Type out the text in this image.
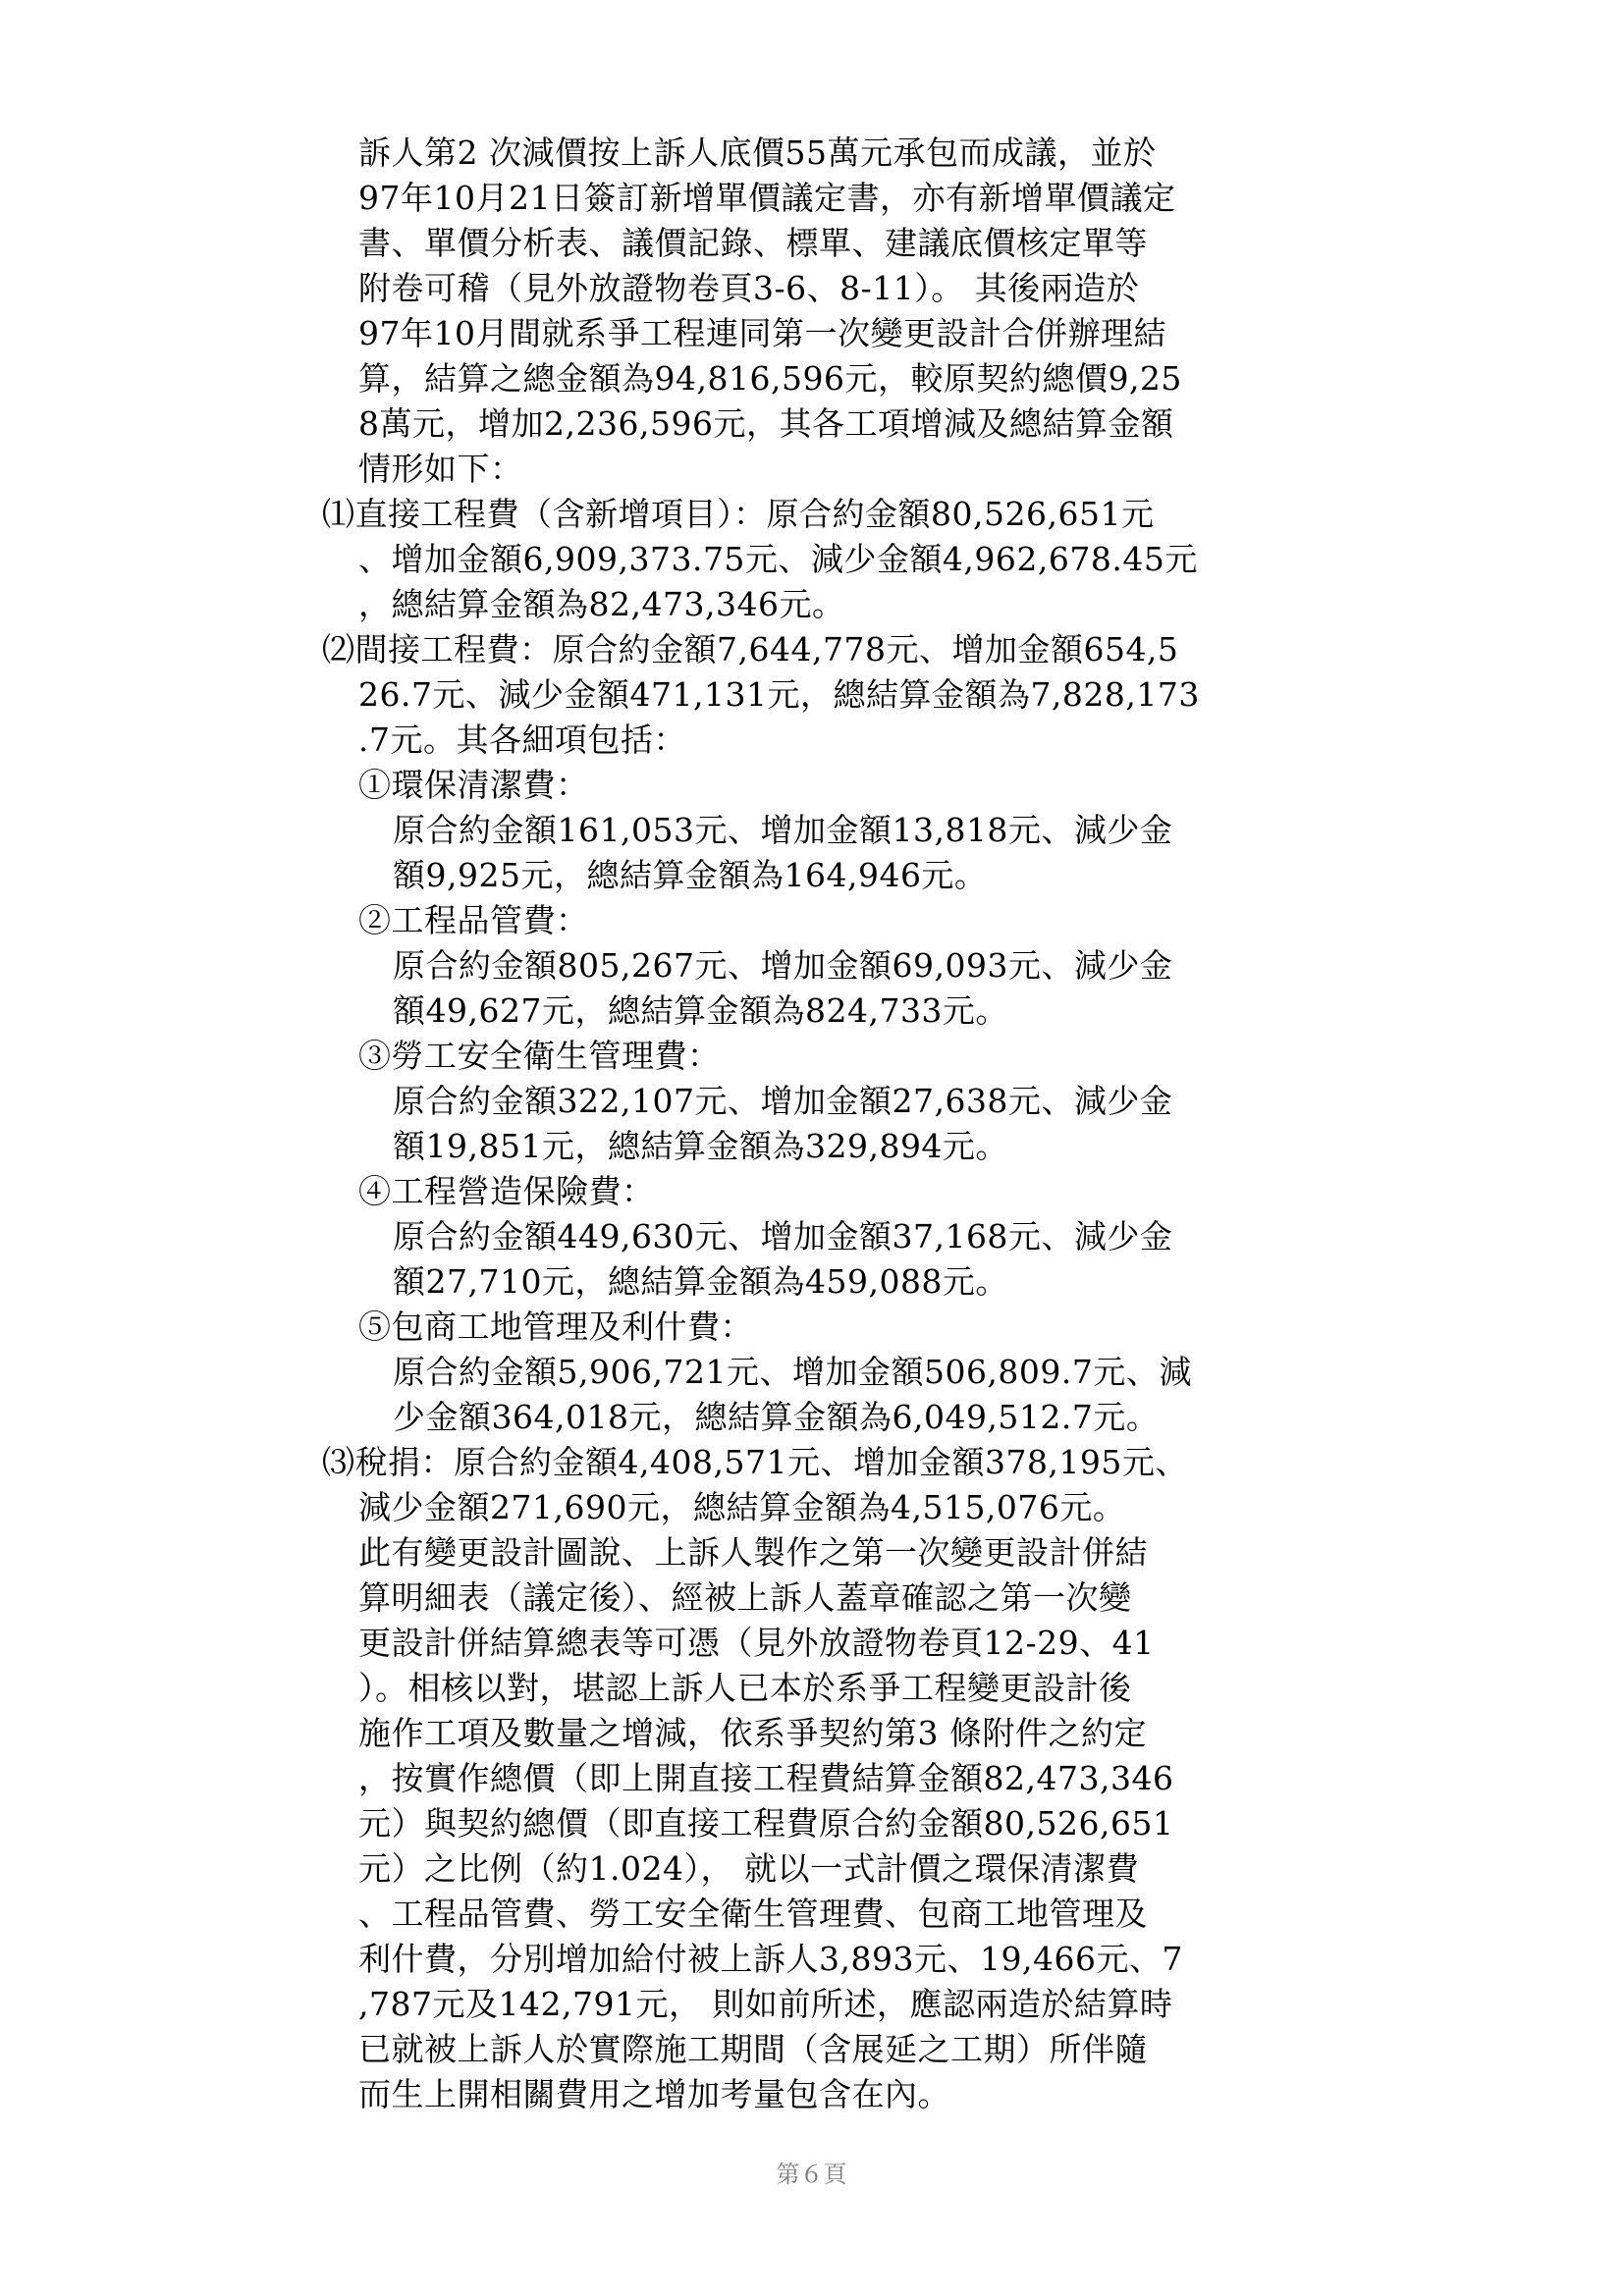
訴人第2 次減價按上訴人底價55萬元承包而成議，並於
97年10月21日簽訂新增單價議定書，亦有新增單價議定
書、單價分析表、議價記錄、標單、建議底價核定單等
附卷可稽（見外放證物卷頁3-6、8-11）。 其後兩造於
97年10月間就系爭工程連同第一次變更設計合併辦理結
算，結算之總金額為94,816,596元，較原契約總價9,25
8萬元，增加2,236,596元，其各工項增減及總結算金額
情形如下：
⑴直接工程費（含新增項目）：原合約金額80,526,651元
、增加金額6,909,373.75元、減少金額4,962,678.45元
，總結算金額為82,473,346元。
⑵間接工程費：原合約金額7,644,778元、增加金額654,5
26.7元、減少金額471,131元，總結算金額為7,828,173
.7元。其各細項包括：
①環保清潔費：
原合約金額161,053元、增加金額13,818元、減少金
額9,925元，總結算金額為164,946元。
②工程品管費：
原合約金額805,267元、增加金額69,093元、減少金
額49,627元，總結算金額為824,733元。
③勞工安全衛生管理費：
原合約金額322,107元、增加金額27,638元、減少金
額19,851元，總結算金額為329,894元。
④工程營造保險費：
原合約金額449,630元、增加金額37,168元、減少金
額27,710元，總結算金額為459,088元。
⑤包商工地管理及利什費：
原合約金額5,906,721元、增加金額506,809.7元、減
少金額364,018元，總結算金額為6,049,512.7元。
⑶稅捐：原合約金額4,408,571元、增加金額378,195元、
減少金額271,690元，總結算金額為4,515,076元。
此有變更設計圖說、上訴人製作之第一次變更設計併結
算明細表（議定後）、經被上訴人蓋章確認之第一次變
更設計併結算總表等可憑（見外放證物卷頁12-29、41
）。相核以對，堪認上訴人已本於系爭工程變更設計後
施作工項及數量之增減，依系爭契約第3 條附件之約定
，按實作總價（即上開直接工程費結算金額82,473,346
元）與契約總價（即直接工程費原合約金額80,526,651
元）之比例（約1.024）， 就以一式計價之環保清潔費
、工程品管費、勞工安全衛生管理費、包商工地管理及
利什費，分別增加給付被上訴人3,893元、19,466元、7
,787元及142,791元， 則如前所述，應認兩造於結算時
已就被上訴人於實際施工期間（含展延之工期）所伴隨
而生上開相關費用之增加考量包含在內。
第６頁
